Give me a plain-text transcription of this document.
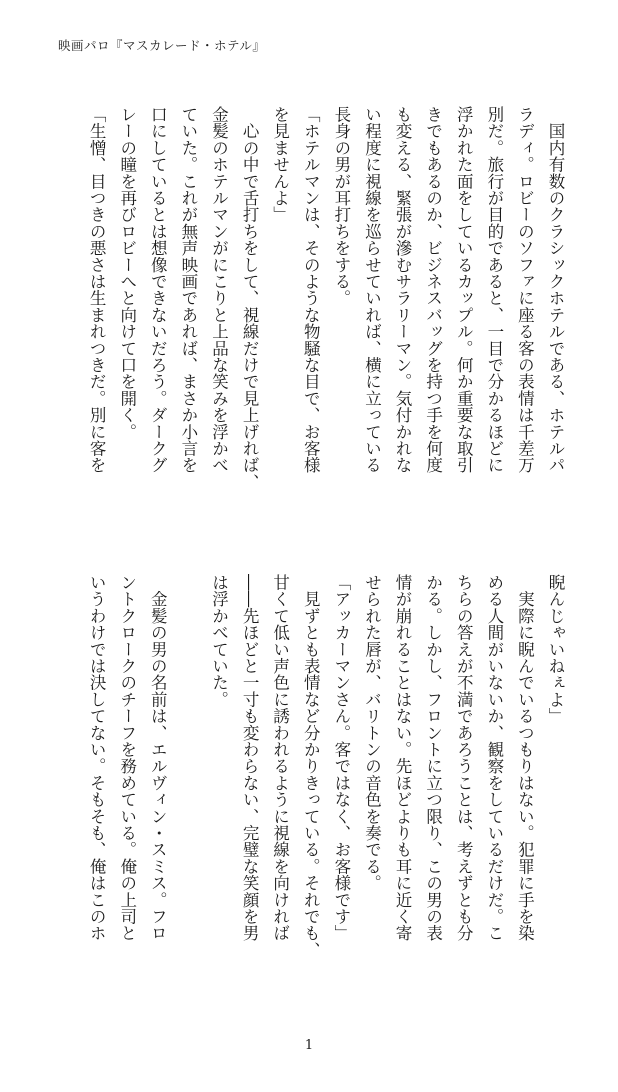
映画パロ『マスカレード・ホテル』
　国内有数のクラシックホテルである、ホテルパ
ラディ。ロビーのソファに座る客の表情は千差万
別だ。旅行が目的であると、一目で分かるほどに
浮かれた面をしているカップル。何か重要な取引
きでもあるのか、ビジネスバッグを持つ手を何度
も変える、緊張が滲むサラリーマン。気付かれな
い程度に視線を巡らせていれば、横に立っている
長身の男が耳打ちをする。
「ホテルマンは、そのような物騒な目で、お客様
を見ませんよ」
　心の中で舌打ちをして、視線だけで見上げれば、
金髪のホテルマンがにこりと上品な笑みを浮かべ
ていた。これが無声映画であれば、まさか小言を
口にしているとは想像できないだろう。ダークグ
レーの瞳を再びロビーへと向けて口を開く。
「生憎、目つきの悪さは生まれつきだ。別に客を
睨んじゃいねぇよ」
　実際に睨んでいるつもりはない。犯罪に手を染
める人間がいないか、観察をしているだけだ。こ
ちらの答えが不満であろうことは、考えずとも分
かる。しかし、フロントに立つ限り、この男の表
情が崩れることはない。先ほどよりも耳に近く寄
せられた唇が、バリトンの音色を奏でる。
「アッカーマンさん。客ではなく、お客様です」
　見ずとも表情など分かりきっている。それでも、
甘くて低い声色に誘われるように視線を向ければ
――先ほどと一寸も変わらない、完璧な笑顔を男
は浮かべていた。

　金髪の男の名前は、エルヴィン・スミス。フロ
ントクロークのチーフを務めている。俺の上司と
いうわけでは決してない。そもそも、俺はこのホ
1
